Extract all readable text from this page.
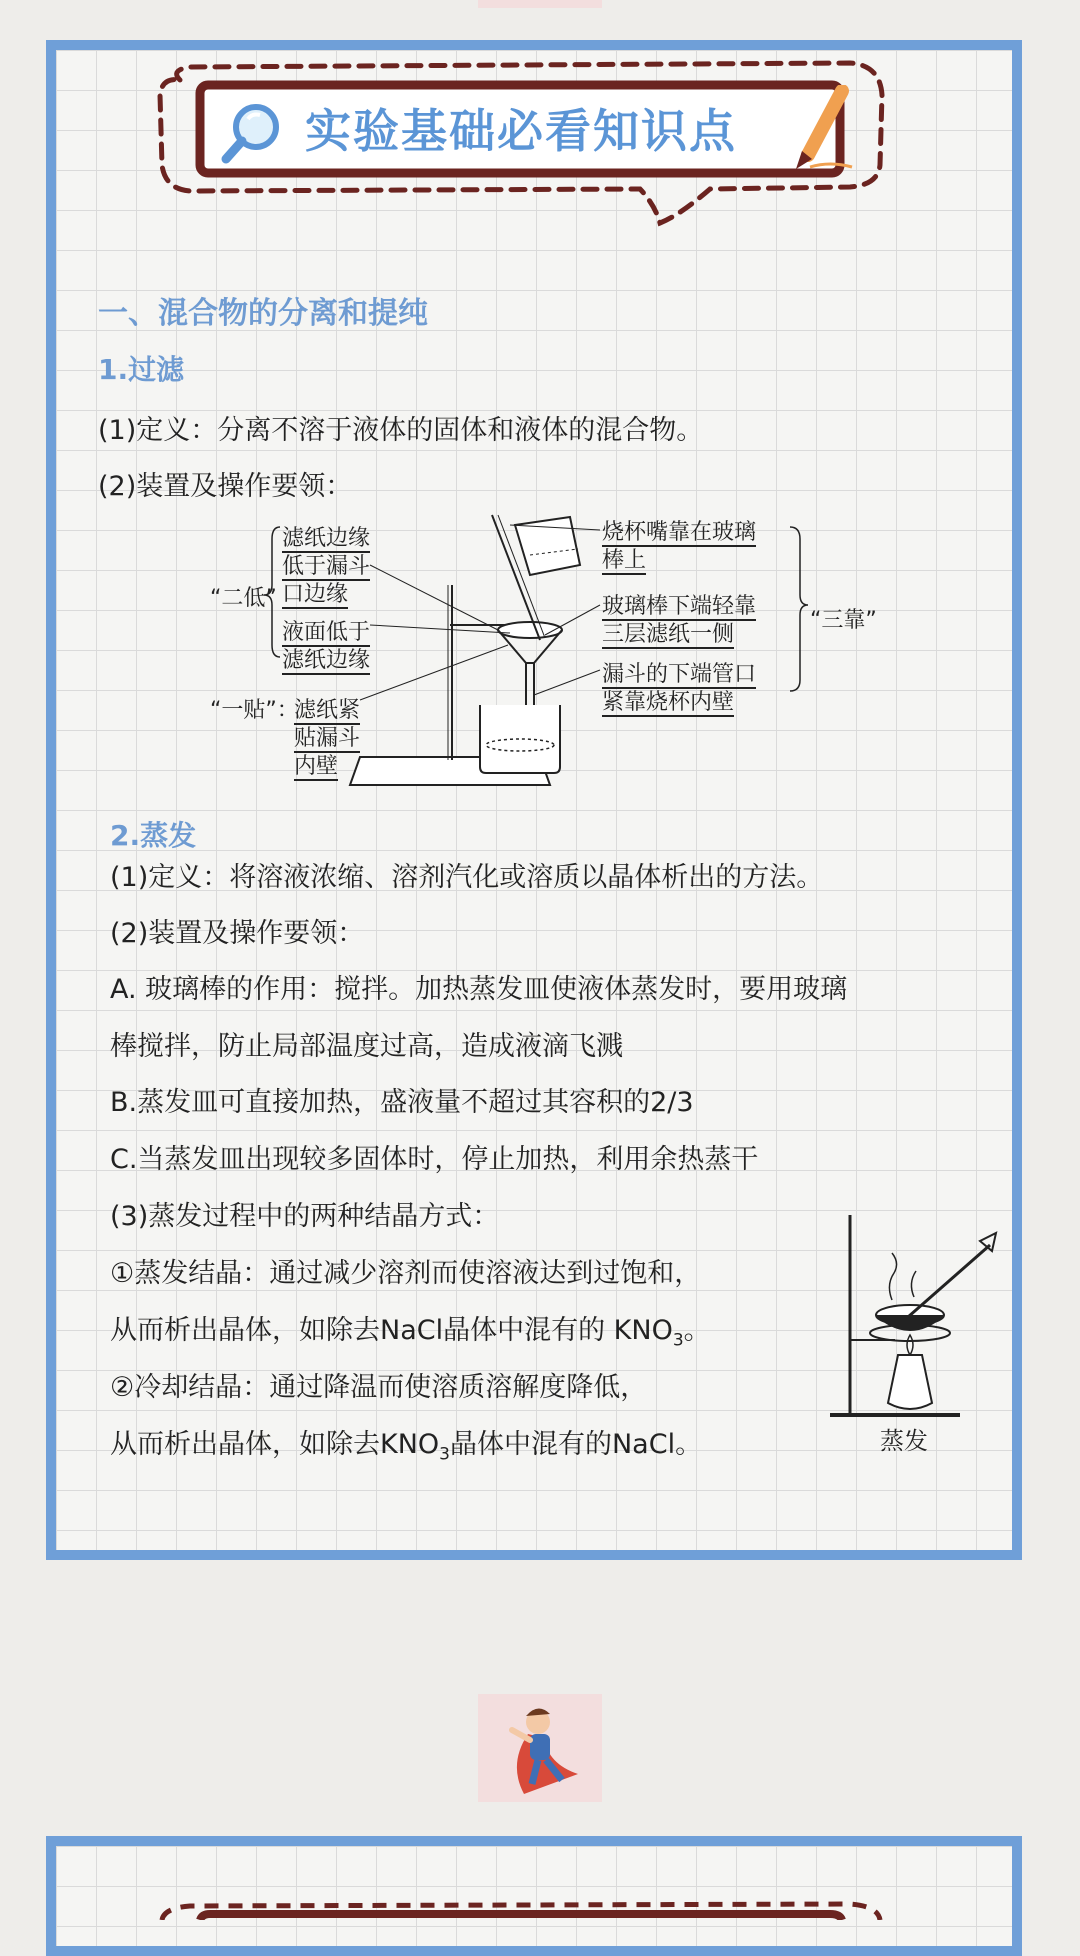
实验基础必看知识点
一、混合物的分离和提纯
1.过滤
(1)定义：分离不溶于液体的固体和液体的混合物。
(2)装置及操作要领：
“二低”
滤纸边缘
低于漏斗
口边缘
液面低于
滤纸边缘
“一贴”：
滤纸紧
贴漏斗
内壁
烧杯嘴靠在玻璃
棒上
玻璃棒下端轻靠
三层滤纸一侧
漏斗的下端管口
紧靠烧杯内壁
“三靠”
2.蒸发
(1)定义：将溶液浓缩、溶剂汽化或溶质以晶体析出的方法。
(2)装置及操作要领：
A. 玻璃棒的作用：搅拌。加热蒸发皿使液体蒸发时，要用玻璃
棒搅拌，防止局部温度过高，造成液滴飞溅
B.蒸发皿可直接加热，盛液量不超过其容积的2/3
C.当蒸发皿出现较多固体时，停止加热，利用余热蒸干
(3)蒸发过程中的两种结晶方式：
①蒸发结晶：通过减少溶剂而使溶液达到过饱和，
从而析出晶体，如除去NaCl晶体中混有的 $KNO_3$。
②冷却结晶：通过降温而使溶质溶解度降低，
从而析出晶体，如除去$KNO_3$晶体中混有的NaCl。	蒸发
